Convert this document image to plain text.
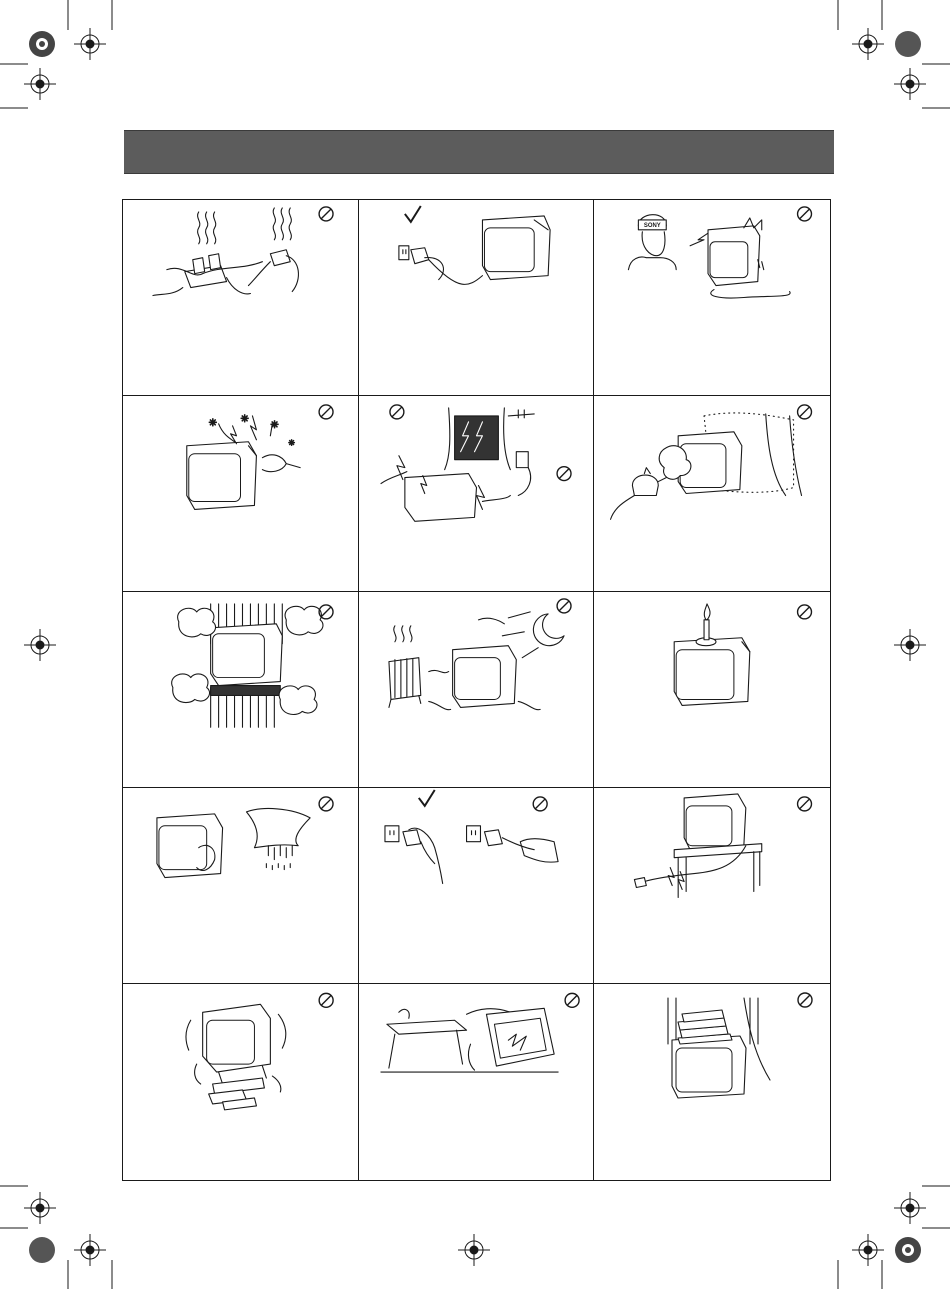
SONY
✳ ✳
✳
✳
